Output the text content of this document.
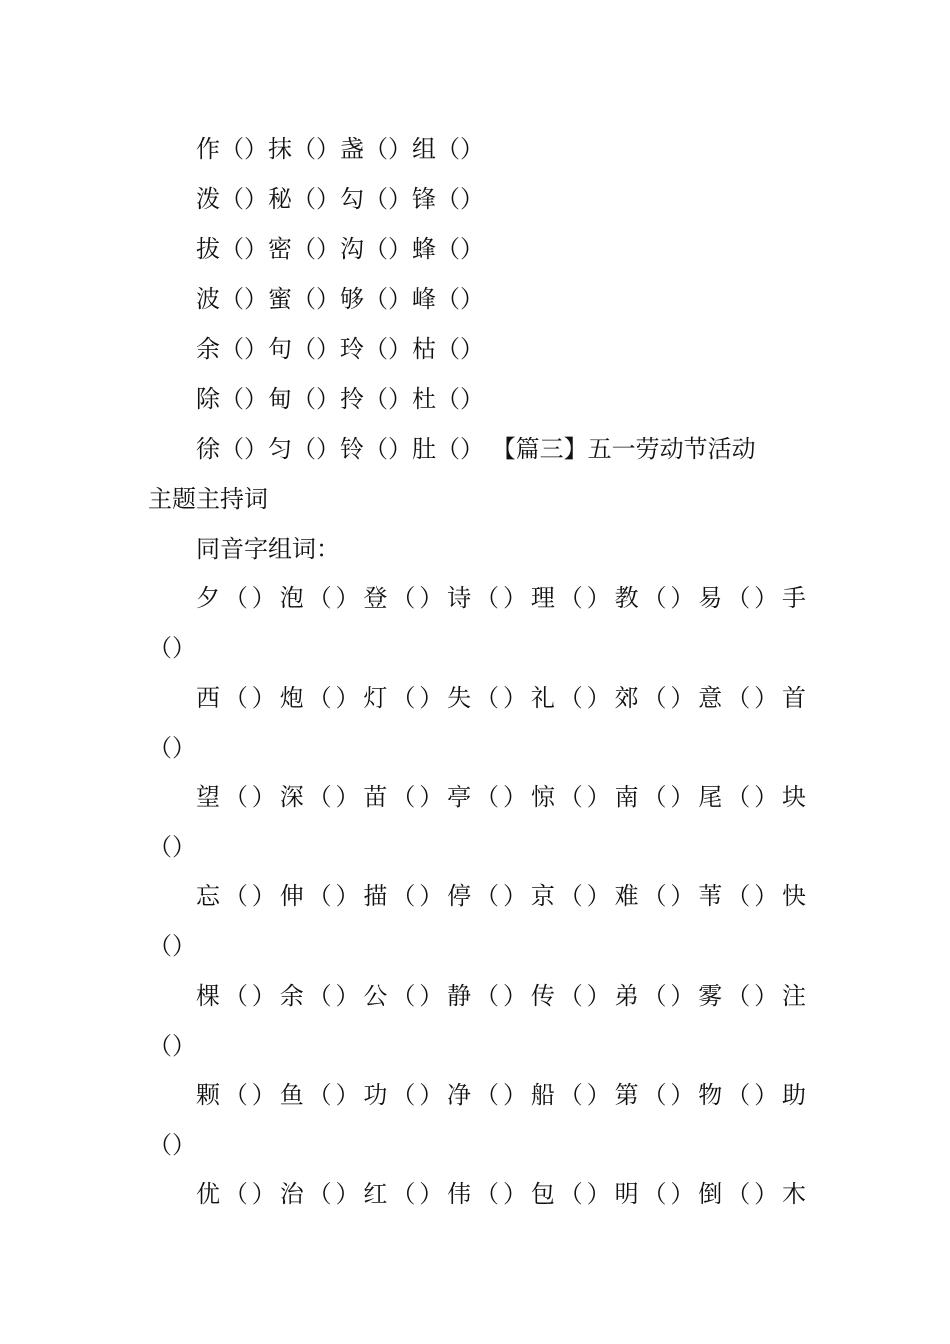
作（）抹（）盏（）组（）
泼（）秘（）勾（）锋（）
拔（）密（）沟（）蜂（）
波（）蜜（）够（）峰（）
余（）句（）玲（）枯（）
除（）甸（）拎（）杜（）
徐（）匀（）铃（）肚（） 【篇三】五一劳动节活动
主题主持词
同音字组词：
夕（）泡（）登（）诗（）理（）教（）易（）手
（）
西（）炮（）灯（）失（）礼（）郊（）意（）首
（）
望（）深（）苗（）亭（）惊（）南（）尾（）块
（）
忘（）伸（）描（）停（）京（）难（）苇（）快
（）
棵（）余（）公（）静（）传（）弟（）雾（）注
（）
颗（）鱼（）功（）净（）船（）第（）物（）助
（）
优（）治（）红（）伟（）包（）明（）倒（）木
